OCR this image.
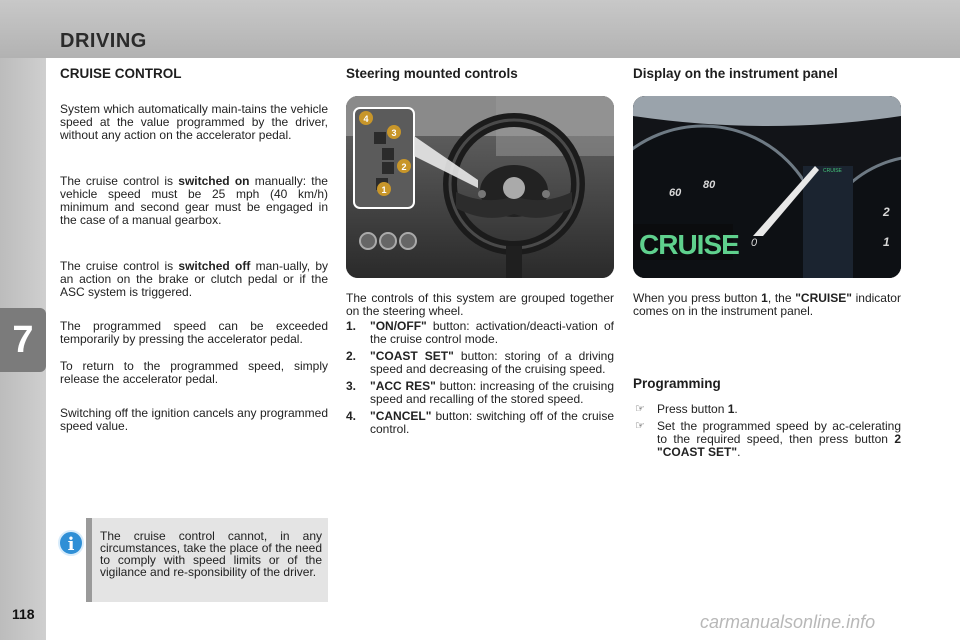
DRIVING
7
118	carmanualsonline.info
CRUISE CONTROL
System which automatically main-tains the vehicle speed at the value programmed by the driver, without any action on the accelerator pedal.
The cruise control is switched on manually: the vehicle speed must be 25 mph (40 km/h) minimum and second gear must be engaged in the case of a manual gearbox.
The cruise control is switched off man-ually, by an action on the brake or clutch pedal or if the ASC system is triggered.
The programmed speed can be exceeded temporarily by pressing the accelerator pedal.
To return to the programmed speed, simply release the accelerator pedal.
Switching off the ignition cancels any programmed speed value.
i	The cruise control cannot, in any circumstances, take the place of the need to comply with speed limits or of the vigilance and re-sponsibility of the driver.
Steering mounted controls
4
3
2
1
The controls of this system are grouped together on the steering wheel.
1. "ON/OFF" button: activation/deacti-vation of the cruise control mode.
2. "COAST SET" button: storing of a driving speed and decreasing of the cruising speed.
3. "ACC RES" button: increasing of the cruising speed and recalling of the stored speed.
4. "CANCEL" button: switching off of the cruise control.
Display on the instrument panel
60
80
2
1
0
CRUISE
CRUISE
When you press button 1, the "CRUISE" indicator comes on in the instrument panel.
Programming
☞ Press button 1.
☞ Set the programmed speed by ac-celerating to the required speed, then press button 2 "COAST SET".
